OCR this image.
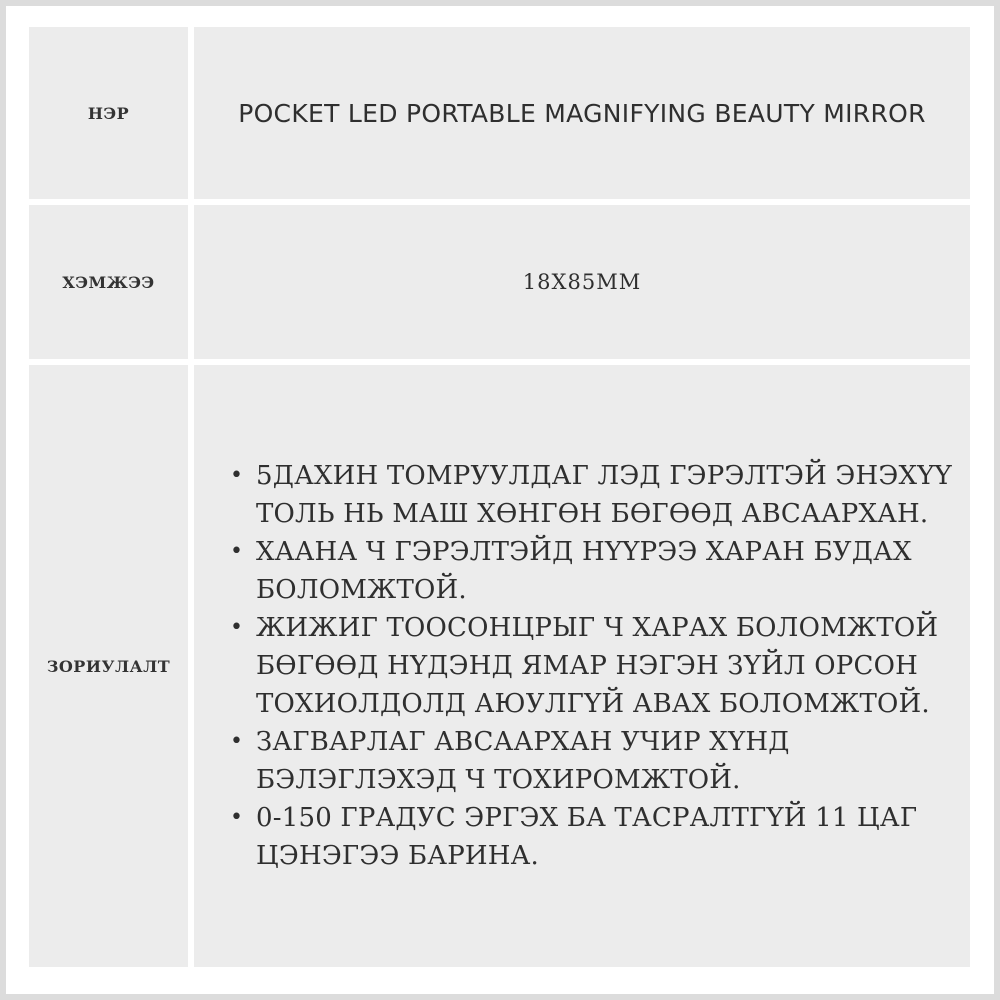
НЭР	POCKET LED PORTABLE MAGNIFYING BEAUTY MIRROR
ХЭМЖЭЭ	18X85MM
ЗОРИУЛАЛТ
• 5ДАХИН ТОМРУУЛДАГ ЛЭД ГЭРЭЛТЭЙ ЭНЭХҮҮ ТОЛЬ НЬ МАШ ХӨНГӨН БӨГӨӨД АВСААРХАН.
• ХААНА Ч ГЭРЭЛТЭЙД НҮҮРЭЭ ХАРАН БУДАХ БОЛОМЖТОЙ.
• ЖИЖИГ ТООСОНЦРЫГ Ч ХАРАХ БОЛОМЖТОЙ БӨГӨӨД НҮДЭНД ЯМАР НЭГЭН ЗҮЙЛ ОРСОН ТОХИОЛДОЛД АЮУЛГҮЙ АВАХ БОЛОМЖТОЙ.
• ЗАГВАРЛАГ АВСААРХАН УЧИР ХҮНД БЭЛЭГЛЭХЭД Ч ТОХИРОМЖТОЙ.
• 0-150 ГРАДУС ЭРГЭХ БА ТАСРАЛТГҮЙ 11 ЦАГ ЦЭНЭГЭЭ БАРИНА.
